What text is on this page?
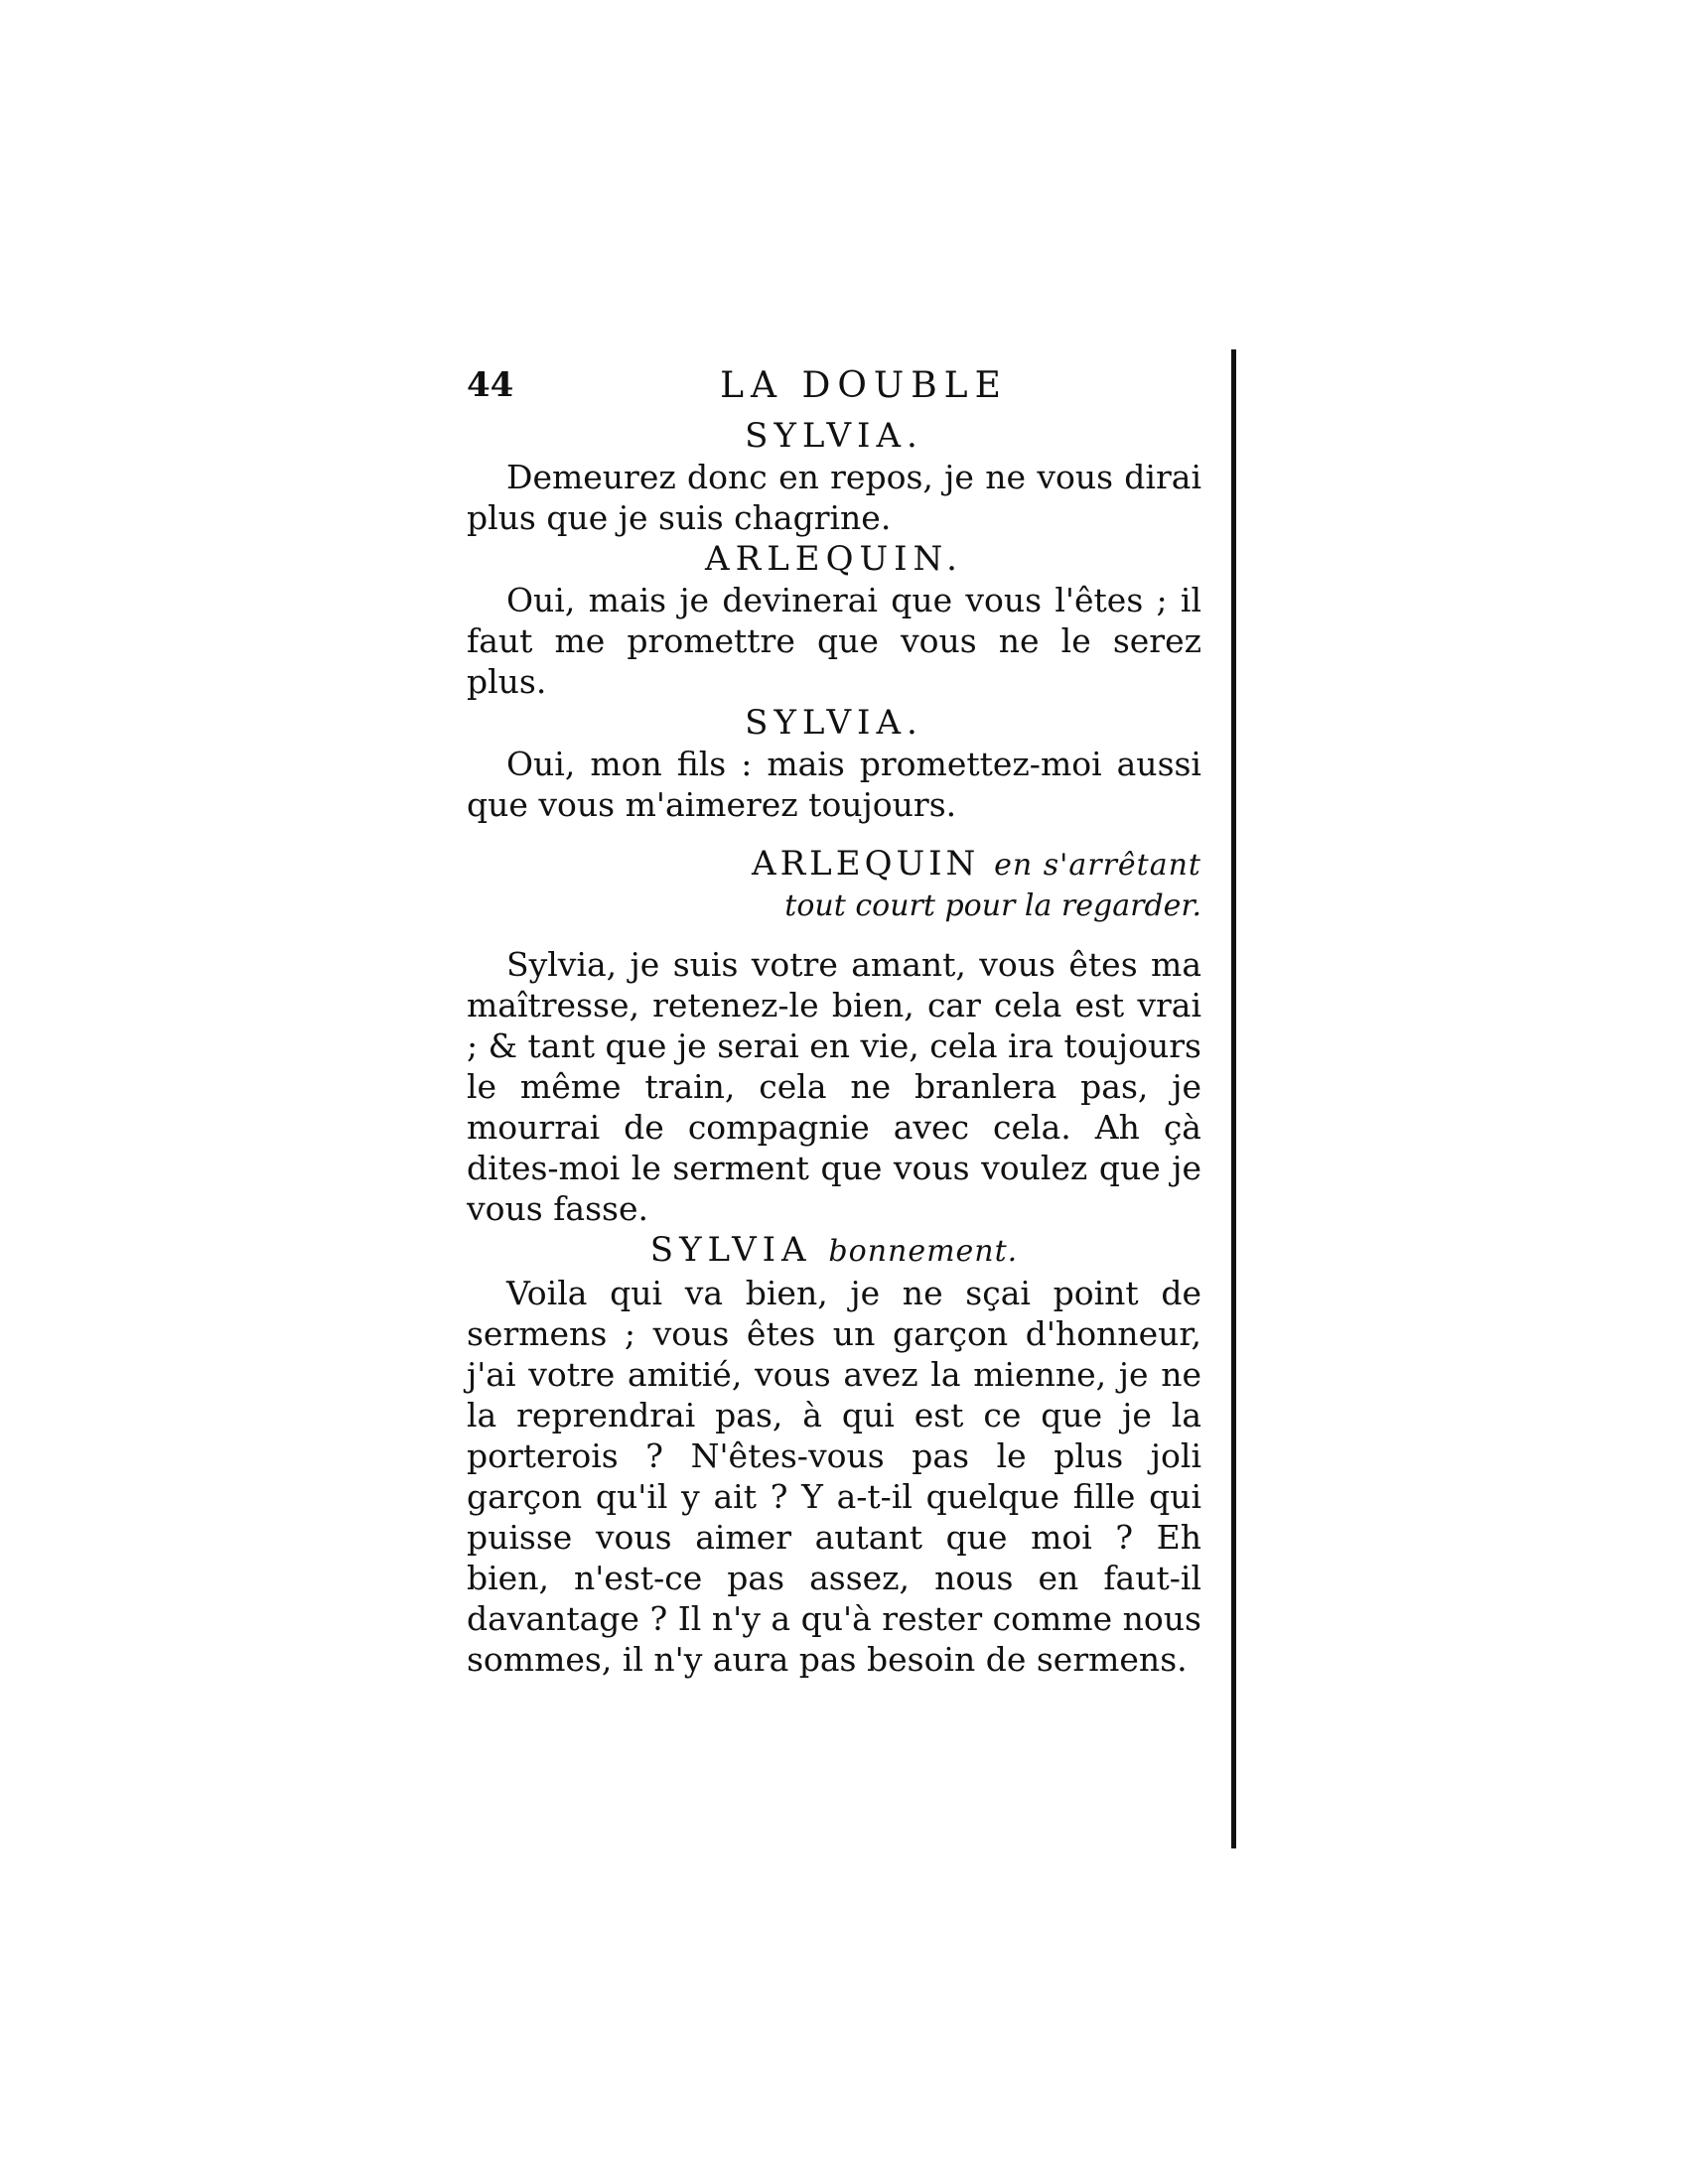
44	LA DOUBLE

SYLVIA.

Demeurez donc en repos, je ne vous dirai plus que je suis chagrine.

ARLEQUIN.

Oui, mais je devinerai que vous l'êtes ; il faut me promettre que vous ne le serez plus.

SYLVIA.

Oui, mon fils : mais promettez-moi aussi que vous m'aimerez toujours.

ARLEQUIN en s'arrêtant

tout court pour la regarder.

Sylvia, je suis votre amant, vous êtes ma maîtresse, retenez-le bien, car cela est vrai ; & tant que je serai en vie, cela ira toujours le même train, cela ne branlera pas, je mourrai de compagnie avec cela. Ah çà dites-moi le serment que vous voulez que je vous fasse.

SYLVIA bonnement.

Voila qui va bien, je ne sçai point de sermens ; vous êtes un garçon d'honneur, j'ai votre amitié, vous avez la mienne, je ne la reprendrai pas, à qui est ce que je la porterois ? N'êtes-vous pas le plus joli garçon qu'il y ait ? Y a-t-il quelque fille qui puisse vous aimer autant que moi ? Eh bien, n'est-ce pas assez, nous en faut-il davantage ? Il n'y a qu'à rester comme nous sommes, il n'y aura pas besoin de sermens.
